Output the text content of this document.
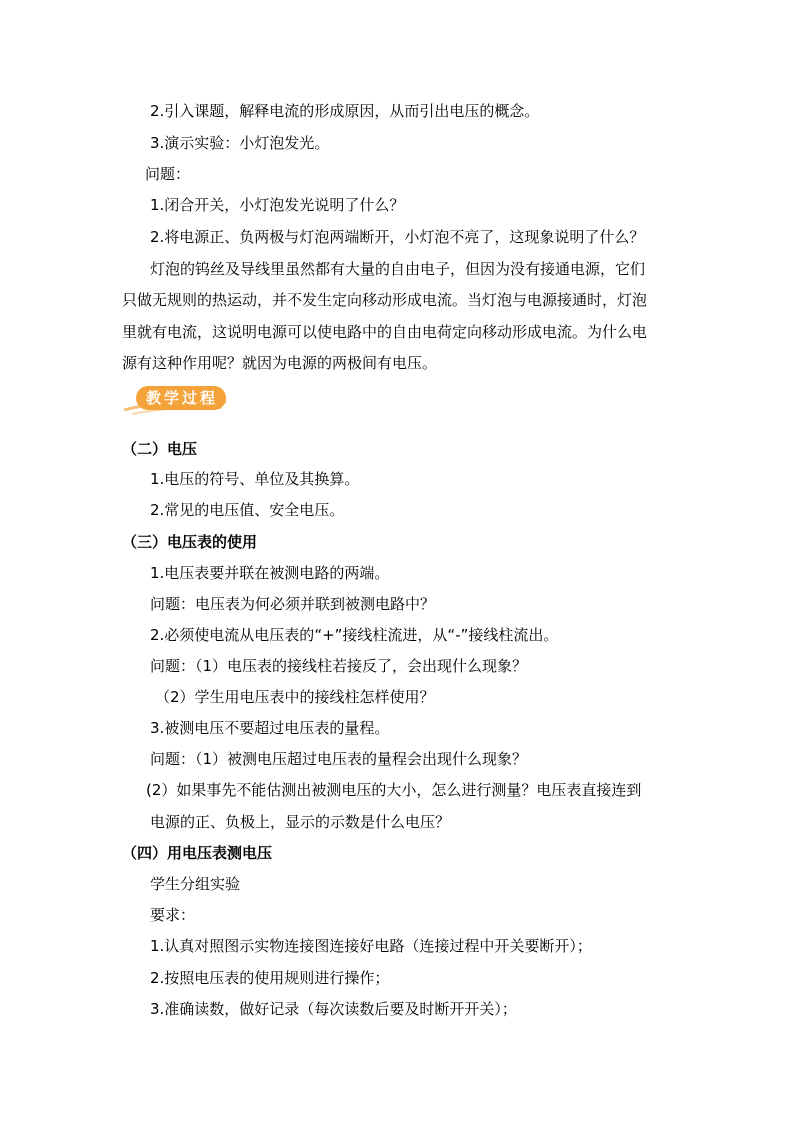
2.引入课题，解释电流的形成原因，从而引出电压的概念。
3.演示实验：小灯泡发光。
问题：
1.闭合开关，小灯泡发光说明了什么？
2.将电源正、负两极与灯泡两端断开，小灯泡不亮了，这现象说明了什么？
灯泡的钨丝及导线里虽然都有大量的自由电子，但因为没有接通电源，它们
只做无规则的热运动，并不发生定向移动形成电流。当灯泡与电源接通时，灯泡
里就有电流，这说明电源可以使电路中的自由电荷定向移动形成电流。为什么电
源有这种作用呢？就因为电源的两极间有电压。
教学过程
（二）电压
1.电压的符号、单位及其换算。
2.常见的电压值、安全电压。
（三）电压表的使用
1.电压表要并联在被测电路的两端。
问题：电压表为何必须并联到被测电路中？
2.必须使电流从电压表的“+”接线柱流进，从“-”接线柱流出。
问题：（1）电压表的接线柱若接反了，会出现什么现象？
（2）学生用电压表中的接线柱怎样使用？
3.被测电压不要超过电压表的量程。
问题：（1）被测电压超过电压表的量程会出现什么现象？
(2）如果事先不能估测出被测电压的大小，怎么进行测量？电压表直接连到
电源的正、负极上，显示的示数是什么电压？
（四）用电压表测电压
学生分组实验
要求：
1.认真对照图示实物连接图连接好电路（连接过程中开关要断开）；
2.按照电压表的使用规则进行操作；
3.准确读数，做好记录（每次读数后要及时断开开关）；
